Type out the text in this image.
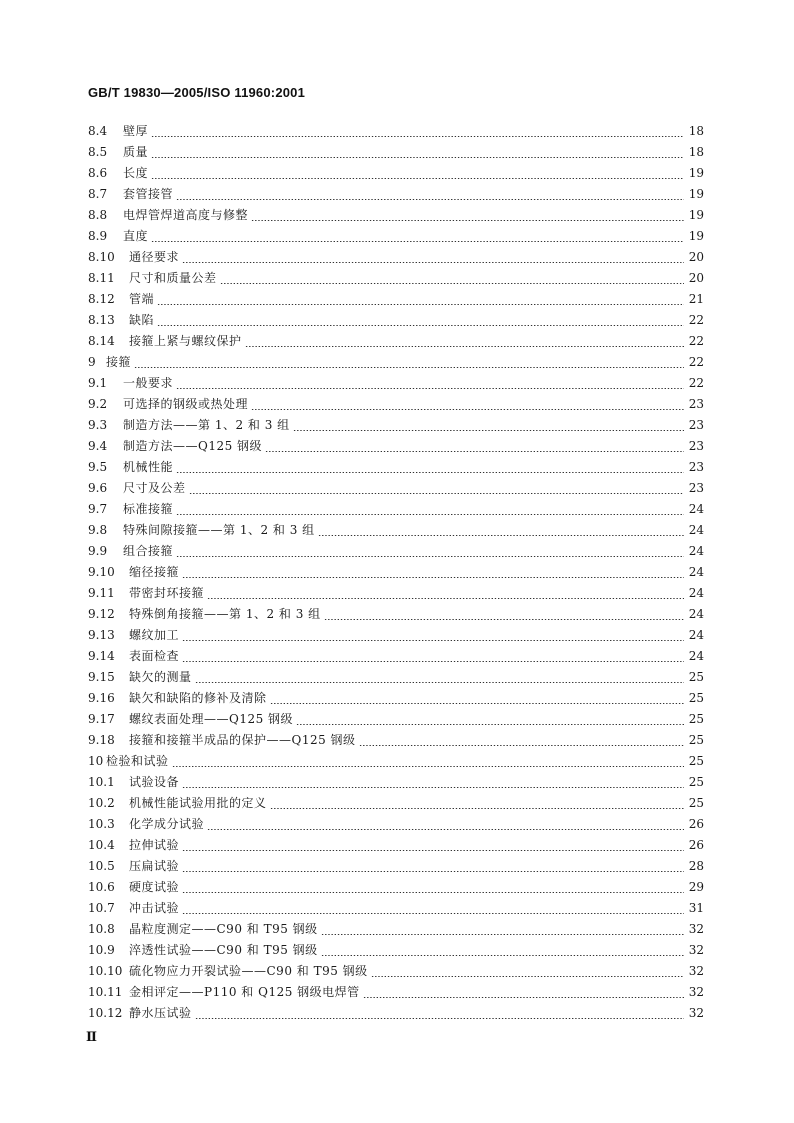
GB/T 19830—2005/ISO 11960:2001
8.4	壁厚	18
8.5	质量	18
8.6	长度	19
8.7	套管接管	19
8.8	电焊管焊道高度与修整	19
8.9	直度	19
8.10	通径要求	20
8.11	尺寸和质量公差	20
8.12	管端	21
8.13	缺陷	22
8.14	接箍上紧与螺纹保护	22
9 接箍	22
9.1	一般要求	22
9.2	可选择的钢级或热处理	23
9.3	制造方法——第 1、2 和 3 组	23
9.4	制造方法——Q125 钢级	23
9.5	机械性能	23
9.6	尺寸及公差	23
9.7	标准接箍	24
9.8	特殊间隙接箍——第 1、2 和 3 组	24
9.9	组合接箍	24
9.10	缩径接箍	24
9.11	带密封环接箍	24
9.12	特殊倒角接箍——第 1、2 和 3 组	24
9.13	螺纹加工	24
9.14	表面检查	24
9.15	缺欠的测量	25
9.16	缺欠和缺陷的修补及清除	25
9.17	螺纹表面处理——Q125 钢级	25
9.18	接箍和接箍半成品的保护——Q125 钢级	25
10 检验和试验	25
10.1	试验设备	25
10.2	机械性能试验用批的定义	25
10.3	化学成分试验	26
10.4	拉伸试验	26
10.5	压扁试验	28
10.6	硬度试验	29
10.7	冲击试验	31
10.8	晶粒度测定——C90 和 T95 钢级	32
10.9	淬透性试验——C90 和 T95 钢级	32
10.10 硫化物应力开裂试验——C90 和 T95 钢级	32
10.11 金相评定——P110 和 Q125 钢级电焊管	32
10.12 静水压试验	32
Ⅱ
